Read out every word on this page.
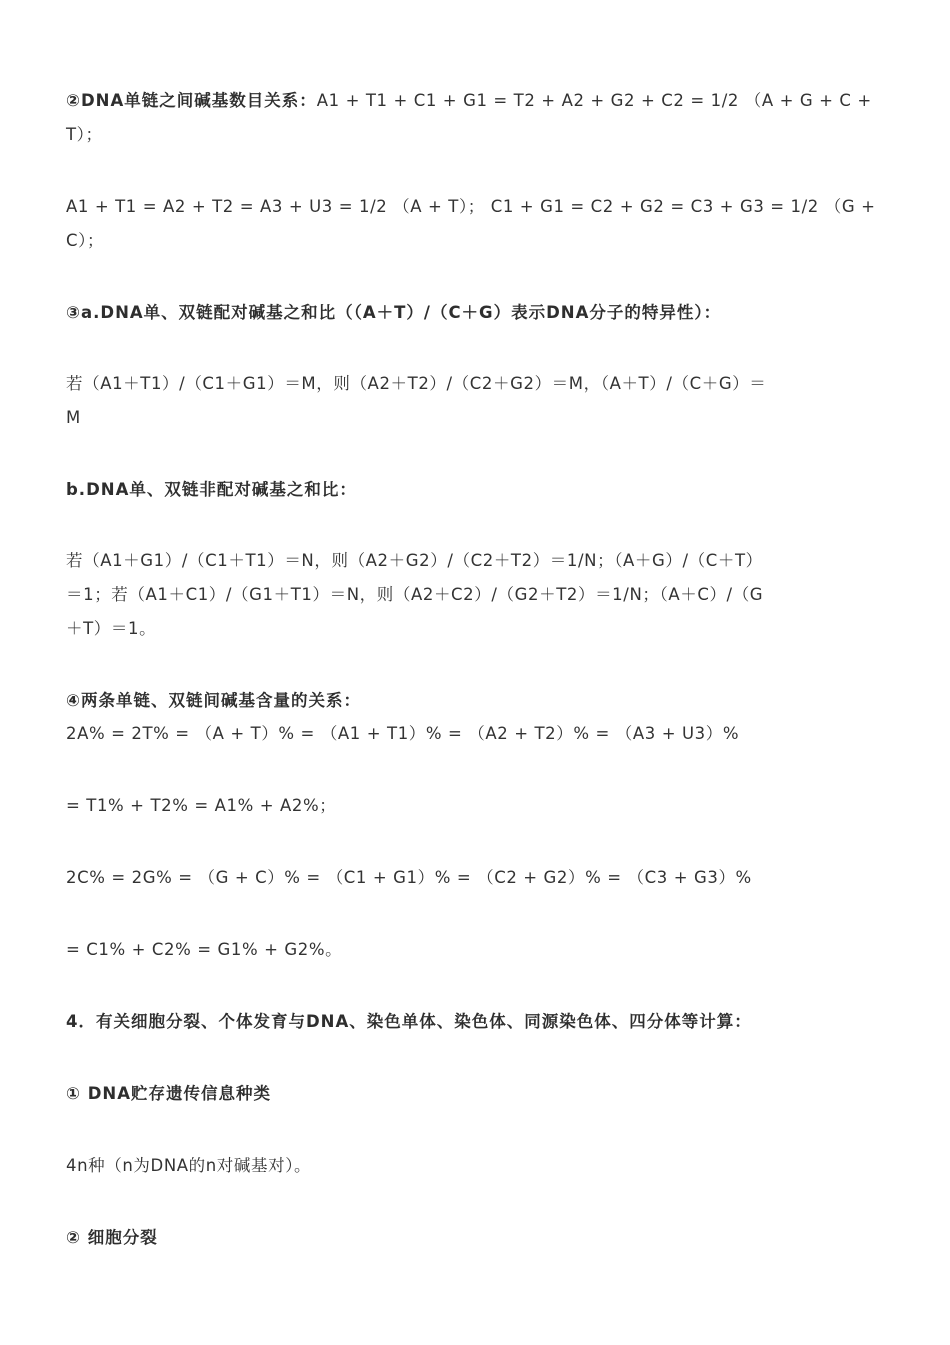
②DNA单链之间碱基数目关系：A1 + T1 + C1 + G1 = T2 + A2 + G2 + C2 = 1/2 （A + G + C +
T）；
A1 + T1 = A2 + T2 = A3 + U3 = 1/2 （A + T）； C1 + G1 = C2 + G2 = C3 + G3 = 1/2 （G +
C）；
③a.DNA单、双链配对碱基之和比（（A＋T）/（C＋G）表示DNA分子的特异性）：
若（A1＋T1）/（C1＋G1）＝M，则（A2＋T2）/（C2＋G2）＝M，（A＋T）/（C＋G）＝
M
b.DNA单、双链非配对碱基之和比：
若（A1＋G1）/（C1＋T1）＝N，则（A2＋G2）/（C2＋T2）＝1/N；（A＋G）/（C＋T）
＝1；若（A1＋C1）/（G1＋T1）＝N，则（A2＋C2）/（G2＋T2）＝1/N；（A＋C）/（G
＋T）＝1。
④两条单链、双链间碱基含量的关系：
2A% = 2T% = （A + T）% = （A1 + T1）% = （A2 + T2）% = （A3 + U3）%
= T1% + T2% = A1% + A2%；
2C% = 2G% = （G + C）% = （C1 + G1）% = （C2 + G2）% = （C3 + G3）%
= C1% + C2% = G1% + G2%。
4．有关细胞分裂、个体发育与DNA、染色单体、染色体、同源染色体、四分体等计算：
① DNA贮存遗传信息种类
4n种（n为DNA的n对碱基对）。
② 细胞分裂
